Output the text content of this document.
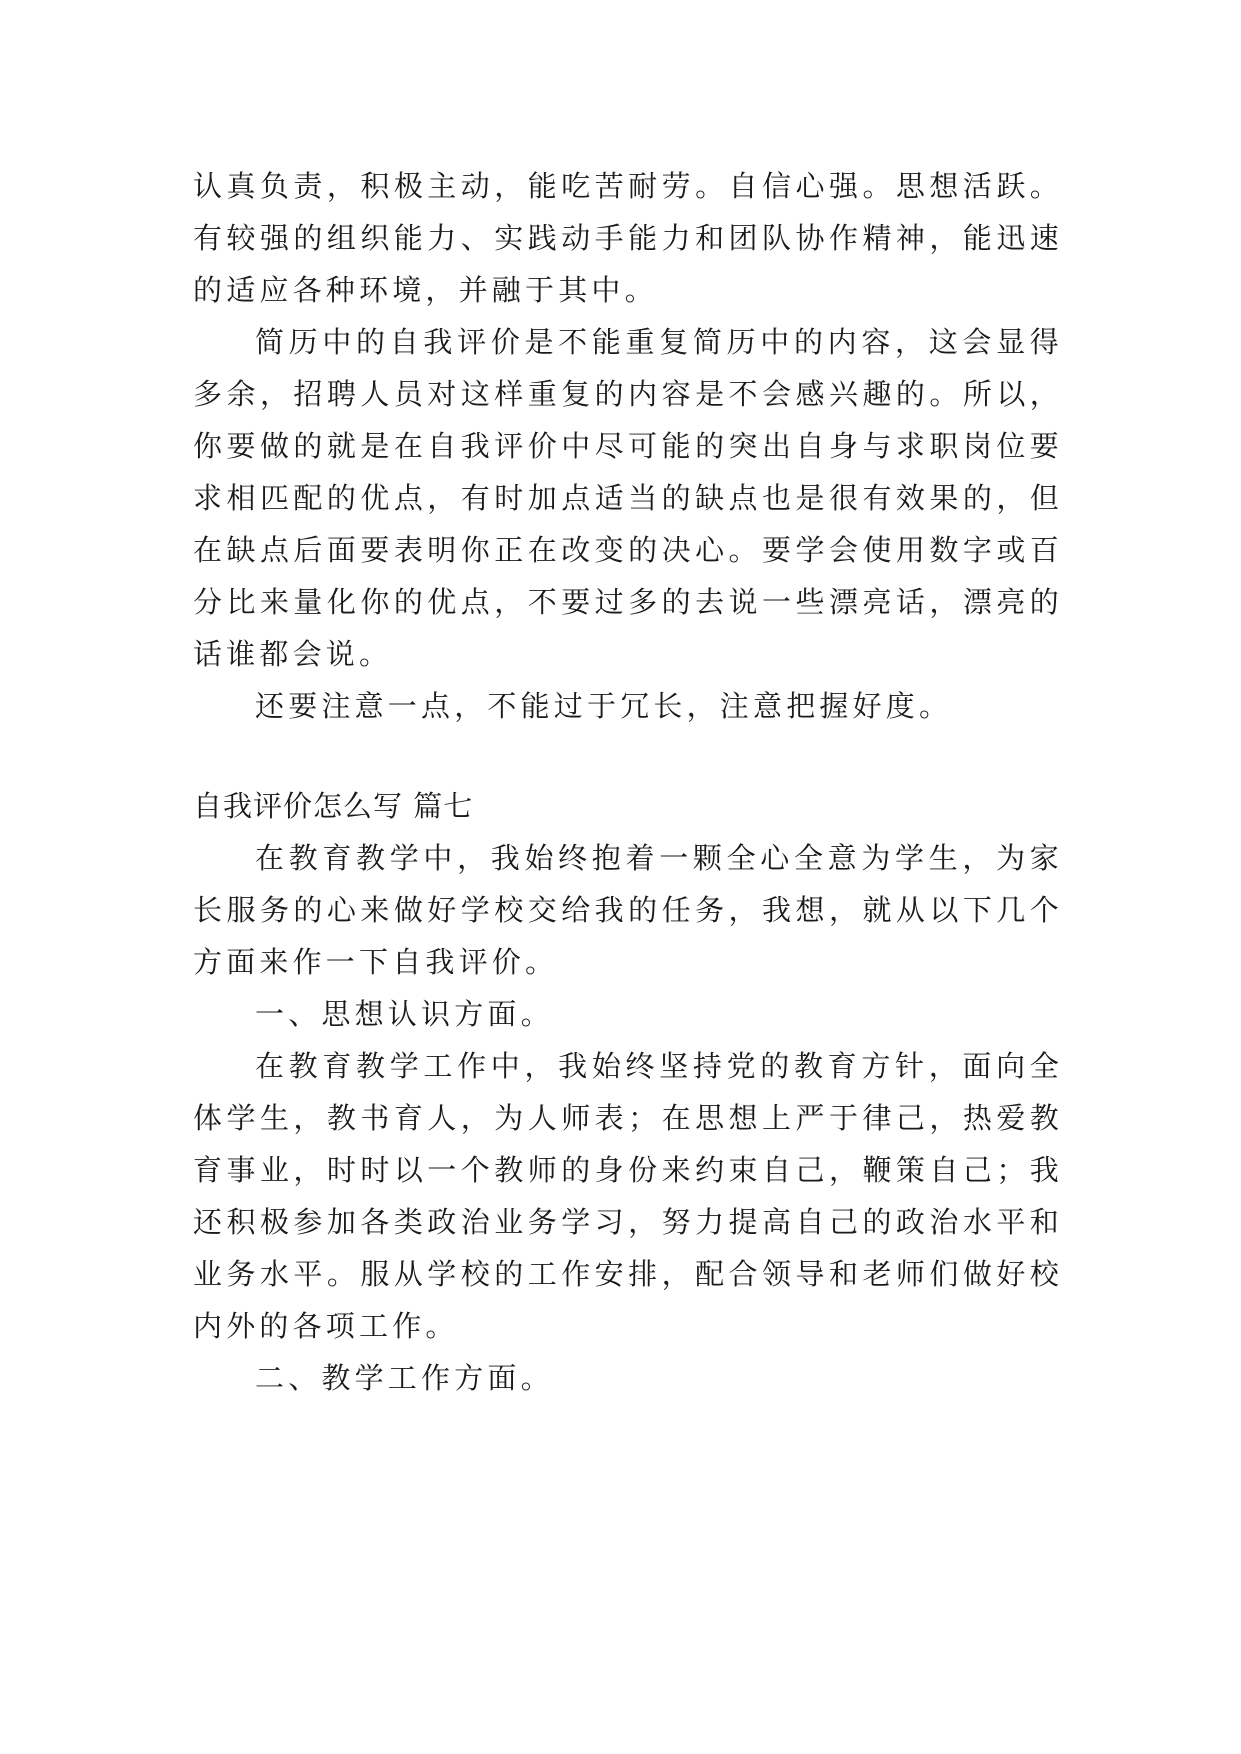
认真负责，积极主动，能吃苦耐劳。自信心强。思想活跃。有较强的组织能力、实践动手能力和团队协作精神，能迅速的适应各种环境，并融于其中。

简历中的自我评价是不能重复简历中的内容，这会显得多余，招聘人员对这样重复的内容是不会感兴趣的。所以，你要做的就是在自我评价中尽可能的突出自身与求职岗位要求相匹配的优点，有时加点适当的缺点也是很有效果的，但在缺点后面要表明你正在改变的决心。要学会使用数字或百分比来量化你的优点，不要过多的去说一些漂亮话，漂亮的话谁都会说。

还要注意一点，不能过于冗长，注意把握好度。

自我评价怎么写 篇七

在教育教学中，我始终抱着一颗全心全意为学生，为家长服务的心来做好学校交给我的任务，我想，就从以下几个方面来作一下自我评价。

一、思想认识方面。

在教育教学工作中，我始终坚持党的教育方针，面向全体学生，教书育人，为人师表；在思想上严于律己，热爱教育事业，时时以一个教师的身份来约束自己，鞭策自己；我还积极参加各类政治业务学习，努力提高自己的政治水平和业务水平。服从学校的工作安排，配合领导和老师们做好校内外的各项工作。

二、教学工作方面。
